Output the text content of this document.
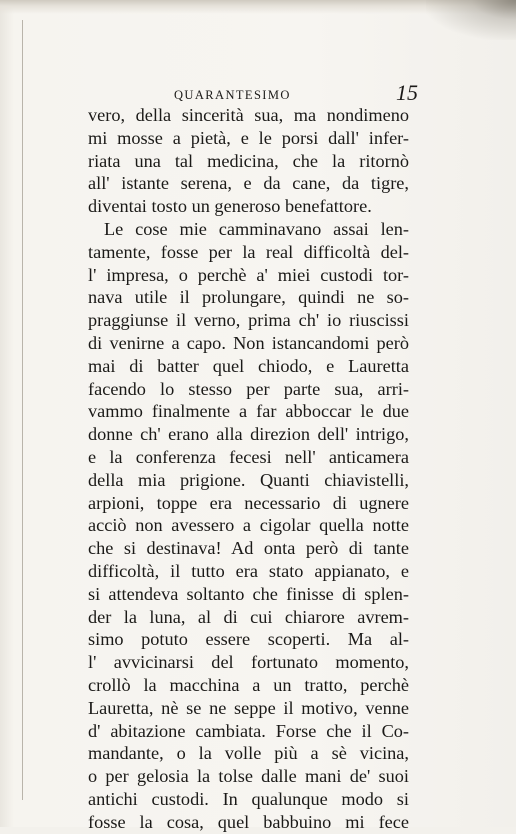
QUARANTESIMO	15
vero, della sincerità sua, ma nondimeno
mi mosse a pietà, e le porsi dall' infer-
riata una tal medicina, che la ritornò
all' istante serena, e da cane, da tigre,
diventai tosto un generoso benefattore.
Le cose mie camminavano assai len-
tamente, fosse per la real difficoltà del-
l' impresa, o perchè a' miei custodi tor-
nava utile il prolungare, quindi ne so-
praggiunse il verno, prima ch' io riuscissi
di venirne a capo. Non istancandomi però
mai di batter quel chiodo, e Lauretta
facendo lo stesso per parte sua, arri-
vammo finalmente a far abboccar le due
donne ch' erano alla direzion dell' intrigo,
e la conferenza fecesi nell' anticamera
della mia prigione. Quanti chiavistelli,
arpioni, toppe era necessario di ugnere
acciò non avessero a cigolar quella notte
che si destinava! Ad onta però di tante
difficoltà, il tutto era stato appianato, e
si attendeva soltanto che finisse di splen-
der la luna, al di cui chiarore avrem-
simo potuto essere scoperti. Ma al-
l' avvicinarsi del fortunato momento,
crollò la macchina a un tratto, perchè
Lauretta, nè se ne seppe il motivo, venne
d' abitazione cambiata. Forse che il Co-
mandante, o la volle più a sè vicina,
o per gelosia la tolse dalle mani de' suoi
antichi custodi. In qualunque modo si
fosse la cosa, quel babbuino mi fece
